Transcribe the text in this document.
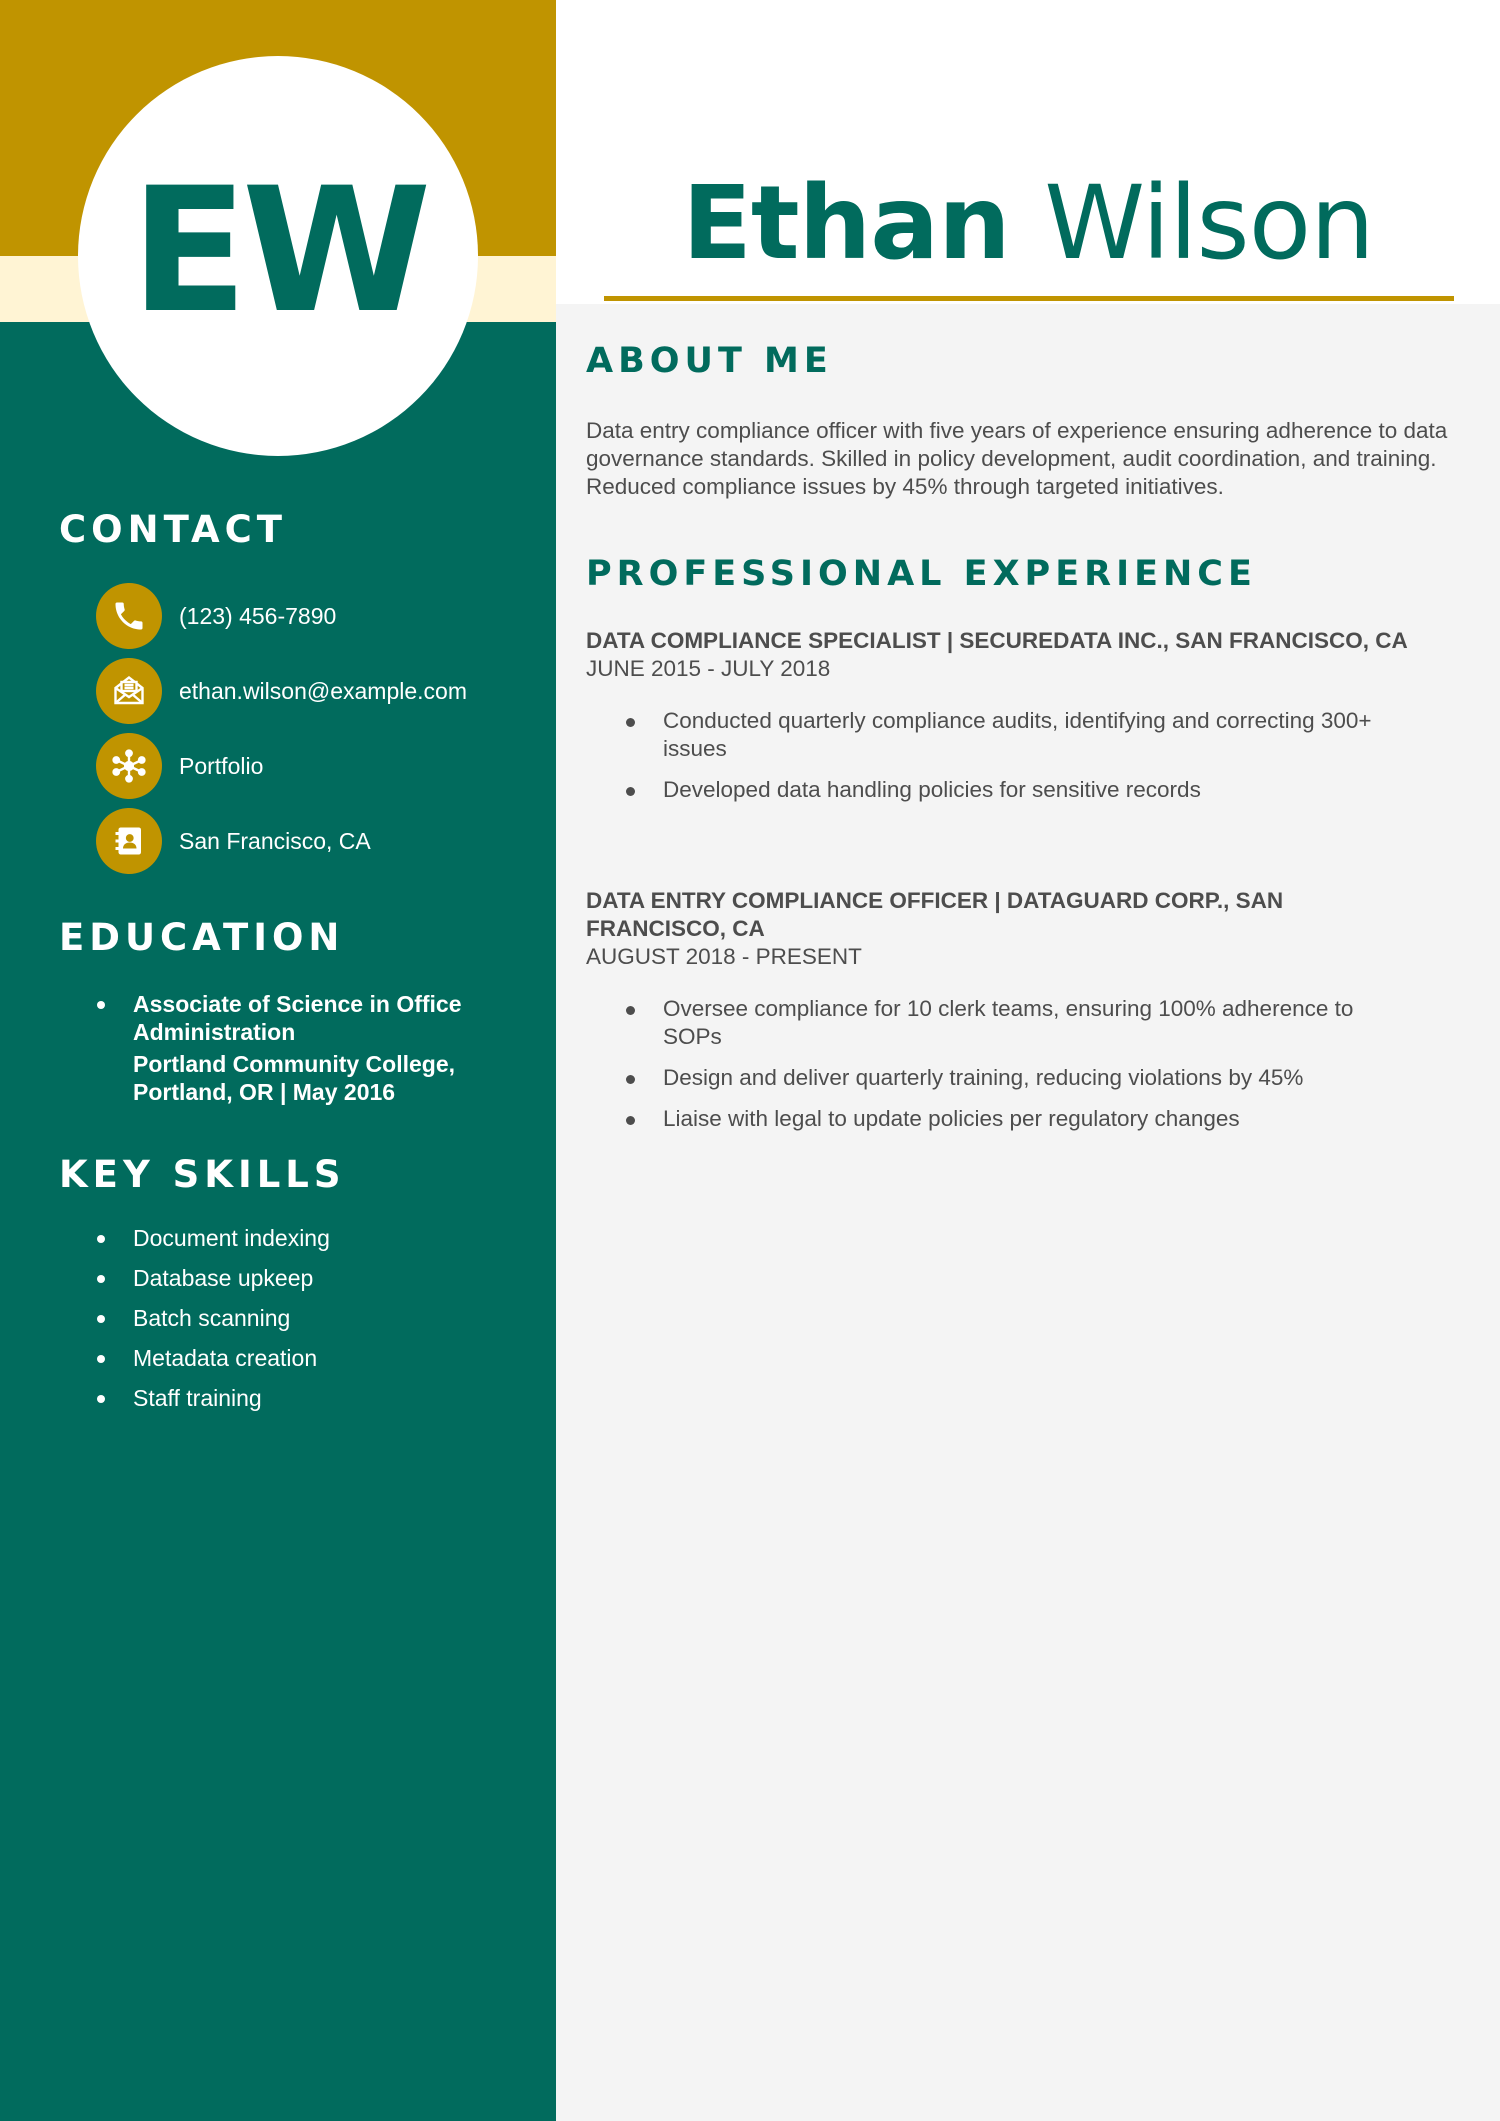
EW
CONTACT
(123) 456-7890
ethan.wilson@example.com
Portfolio
San Francisco, CA
EDUCATION
Associate of Science in Office Administration
Portland Community College, Portland, OR | May 2016
KEY SKILLS
Document indexing
Database upkeep
Batch scanning
Metadata creation
Staff training
Ethan Wilson
ABOUT ME

Data entry compliance officer with five years of experience ensuring adherence to data governance standards. Skilled in policy development, audit coordination, and training. Reduced compliance issues by 45% through targeted initiatives.

PROFESSIONAL EXPERIENCE

DATA COMPLIANCE SPECIALIST | SECUREDATA INC., SAN FRANCISCO, CA

JUNE 2015 - JULY 2018

Conducted quarterly compliance audits, identifying and correcting 300+ issues
Developed data handling policies for sensitive records

DATA ENTRY COMPLIANCE OFFICER | DATAGUARD CORP., SAN FRANCISCO, CA

AUGUST 2018 - PRESENT

Oversee compliance for 10 clerk teams, ensuring 100% adherence to SOPs
Design and deliver quarterly training, reducing violations by 45%
Liaise with legal to update policies per regulatory changes
